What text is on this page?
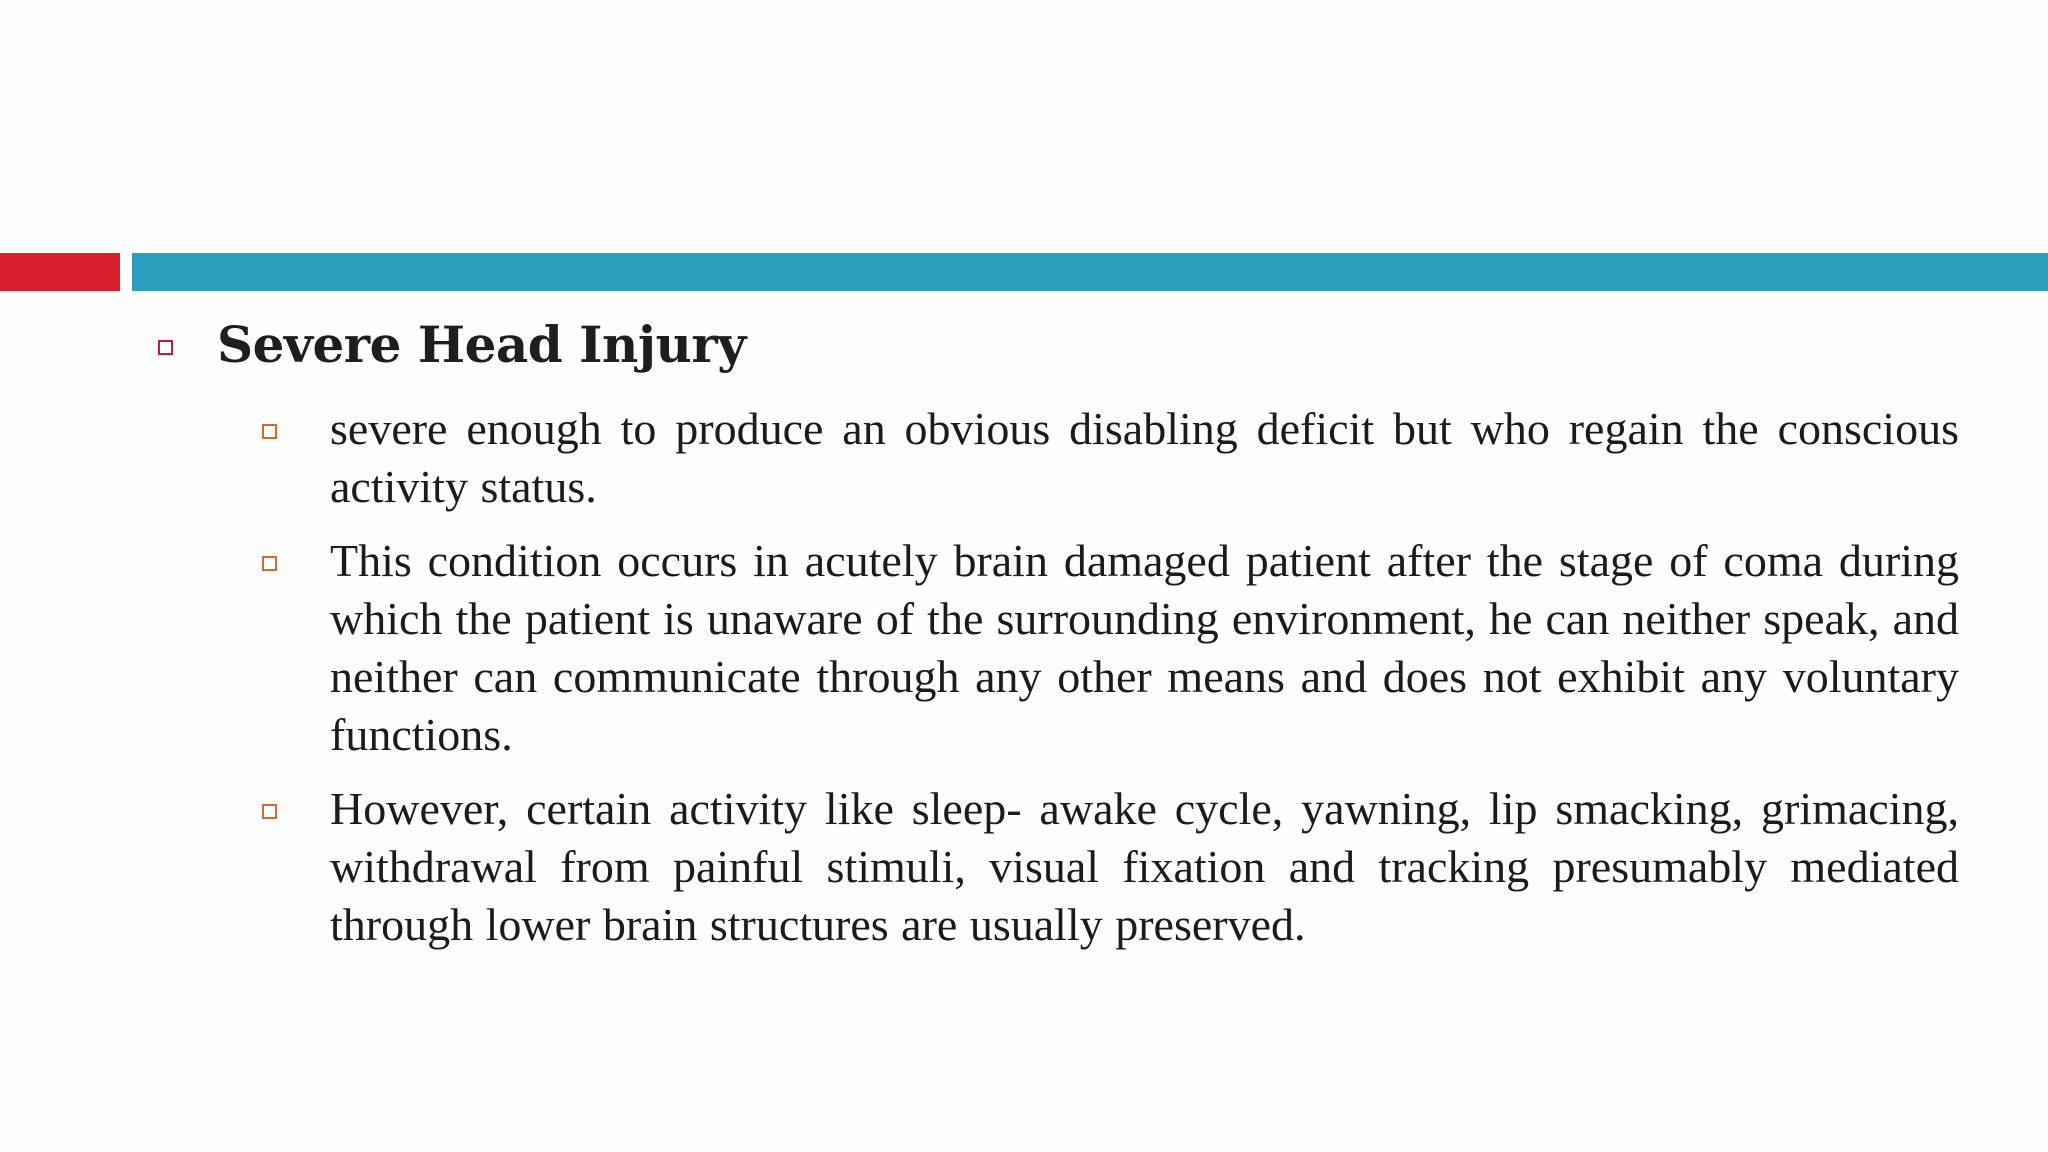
Severe Head Injury
severe enough to produce an obvious disabling deficit but who regain the conscious activity status.
This condition occurs in acutely brain damaged patient after the stage of coma during which the patient is unaware of the surrounding environment, he can neither speak, and neither can communicate through any other means and does not exhibit any voluntary functions.
However, certain activity like sleep- awake cycle, yawning, lip smacking, grimacing, withdrawal from painful stimuli, visual fixation and tracking presumably mediated through lower brain structures are usually preserved.
